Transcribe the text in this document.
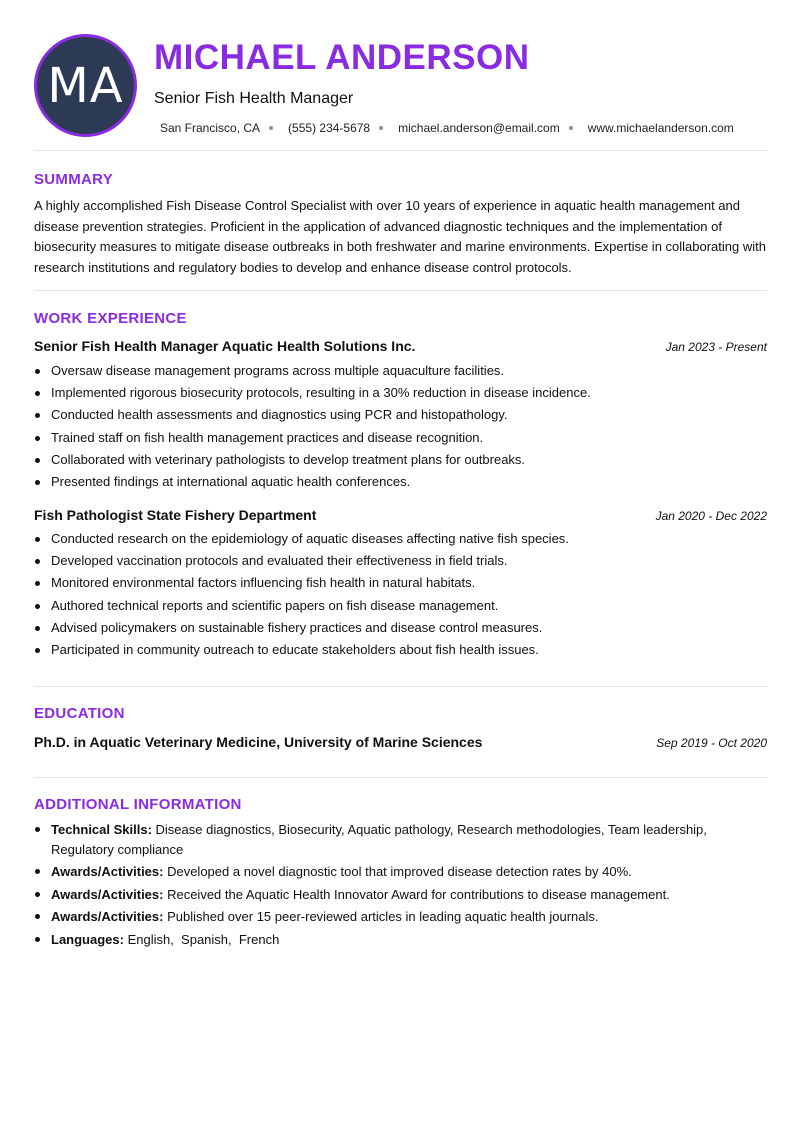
MA MICHAEL ANDERSON
Senior Fish Health Manager
San Francisco, CA (555) 234-5678 michael.anderson@email.com www.michaelanderson.com
SUMMARY

A highly accomplished Fish Disease Control Specialist with over 10 years of experience in aquatic health management and disease prevention strategies. Proficient in the application of advanced diagnostic techniques and the implementation of biosecurity measures to mitigate disease outbreaks in both freshwater and marine environments. Expertise in collaborating with research institutions and regulatory bodies to develop and enhance disease control protocols.

WORK EXPERIENCE
Senior Fish Health Manager Aquatic Health Solutions Inc.	Jan 2023 - Present
Oversaw disease management programs across multiple aquaculture facilities.
Implemented rigorous biosecurity protocols, resulting in a 30% reduction in disease incidence.
Conducted health assessments and diagnostics using PCR and histopathology.
Trained staff on fish health management practices and disease recognition.
Collaborated with veterinary pathologists to develop treatment plans for outbreaks.
Presented findings at international aquatic health conferences.
Fish Pathologist State Fishery Department	Jan 2020 - Dec 2022
Conducted research on the epidemiology of aquatic diseases affecting native fish species.
Developed vaccination protocols and evaluated their effectiveness in field trials.
Monitored environmental factors influencing fish health in natural habitats.
Authored technical reports and scientific papers on fish disease management.
Advised policymakers on sustainable fishery practices and disease control measures.
Participated in community outreach to educate stakeholders about fish health issues.
EDUCATION
Ph.D. in Aquatic Veterinary Medicine, University of Marine Sciences	Sep 2019 - Oct 2020
ADDITIONAL INFORMATION
Technical Skills: Disease diagnostics, Biosecurity, Aquatic pathology, Research methodologies, Team leadership, Regulatory compliance
Awards/Activities: Developed a novel diagnostic tool that improved disease detection rates by 40%.
Awards/Activities: Received the Aquatic Health Innovator Award for contributions to disease management.
Awards/Activities: Published over 15 peer-reviewed articles in leading aquatic health journals.
Languages: English,  Spanish,  French
